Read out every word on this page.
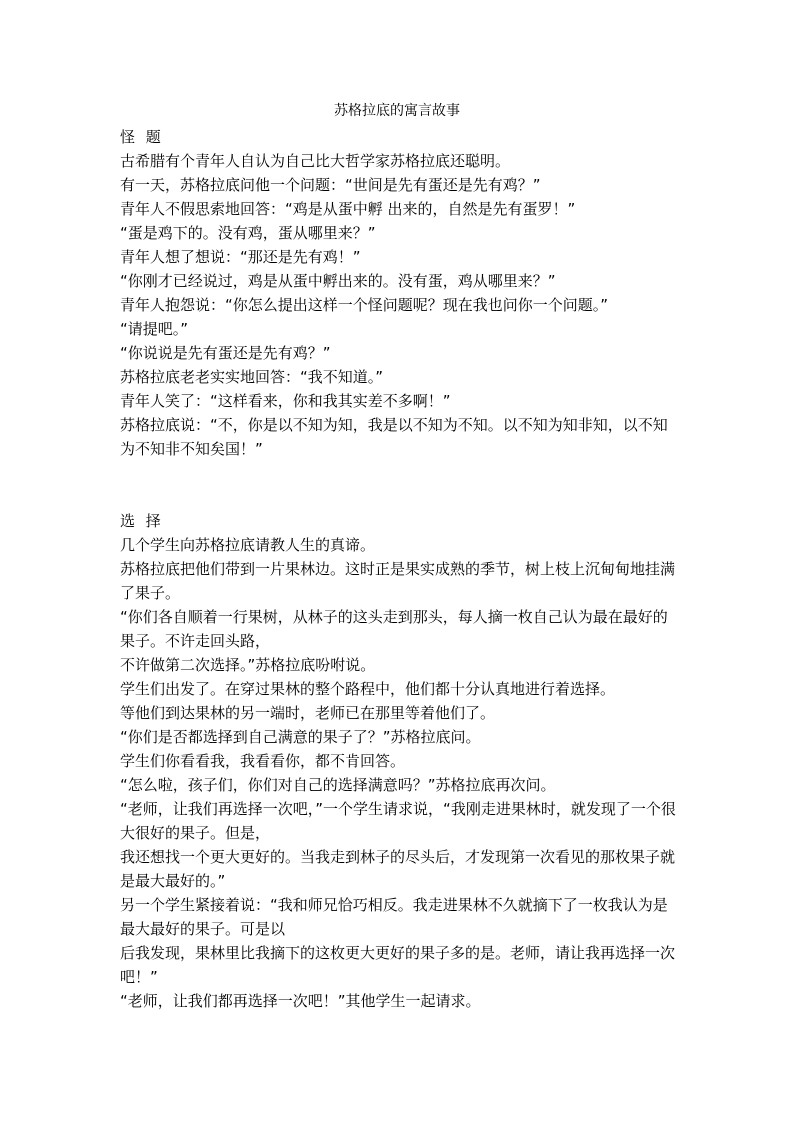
苏格拉底的寓言故事

怪 题

古希腊有个青年人自认为自己比大哲学家苏格拉底还聪明。

有一天，苏格拉底问他一个问题：“世间是先有蛋还是先有鸡？”

青年人不假思索地回答：“鸡是从蛋中孵 出来的，自然是先有蛋罗！”

“蛋是鸡下的。没有鸡，蛋从哪里来？”

青年人想了想说：“那还是先有鸡！”

“你刚才已经说过，鸡是从蛋中孵出来的。没有蛋，鸡从哪里来？”

青年人抱怨说：“你怎么提出这样一个怪问题呢？现在我也问你一个问题。”

“请提吧。”

“你说说是先有蛋还是先有鸡？”

苏格拉底老老实实地回答：“我不知道。”

青年人笑了：“这样看来，你和我其实差不多啊！”

苏格拉底说：“不，你是以不知为知，我是以不知为不知。以不知为知非知，以不知为不知非不知矣国！”

选 择

几个学生向苏格拉底请教人生的真谛。

苏格拉底把他们带到一片果林边。这时正是果实成熟的季节，树上枝上沉甸甸地挂满了果子。

“你们各自顺着一行果树，从林子的这头走到那头，每人摘一枚自己认为最在最好的果子。不许走回头路，

不许做第二次选择。”苏格拉底吩咐说。

学生们出发了。在穿过果林的整个路程中，他们都十分认真地进行着选择。

等他们到达果林的另一端时，老师已在那里等着他们了。

“你们是否都选择到自己满意的果子了？”苏格拉底问。

学生们你看看我，我看看你，都不肯回答。

“怎么啦，孩子们，你们对自己的选择满意吗？”苏格拉底再次问。

“老师，让我们再选择一次吧，”一个学生请求说，“我刚走进果林时，就发现了一个很大很好的果子。但是，

我还想找一个更大更好的。当我走到林子的尽头后，才发现第一次看见的那枚果子就是最大最好的。”

另一个学生紧接着说：“我和师兄恰巧相反。我走进果林不久就摘下了一枚我认为是最大最好的果子。可是以

后我发现，果林里比我摘下的这枚更大更好的果子多的是。老师，请让我再选择一次吧！”

“老师，让我们都再选择一次吧！”其他学生一起请求。
